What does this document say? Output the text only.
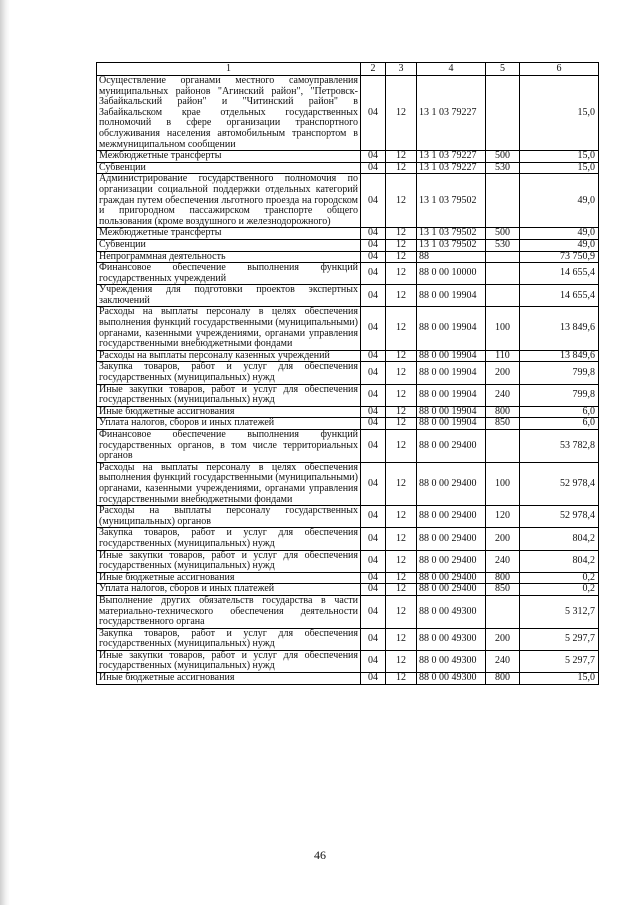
1	2	3	4	5	6
Осуществление органами местного самоуправления муниципальных районов "Агинский район", "Петровск-Забайкальский район" и "Читинский район" в Забайкальском крае отдельных государственных полномочий в сфере организации транспортного обслуживания населения автомобильным транспортом в межмуниципальном сообщении	04	12	13 1 03 79227		15,0
Межбюджетные трансферты	04	12	13 1 03 79227	500	15,0
Субвенции	04	12	13 1 03 79227	530	15,0
Администрирование государственного полномочия по организации социальной поддержки отдельных категорий граждан путем обеспечения льготного проезда на городском и пригородном пассажирском транспорте общего пользования (кроме воздушного и железнодорожного)	04	12	13 1 03 79502		49,0
Межбюджетные трансферты	04	12	13 1 03 79502	500	49,0
Субвенции	04	12	13 1 03 79502	530	49,0
Непрограммная деятельность	04	12	88		73 750,9
Финансовое обеспечение выполнения функций государственных учреждений	04	12	88 0 00 10000		14 655,4
Учреждения для подготовки проектов экспертных заключений	04	12	88 0 00 19904		14 655,4
Расходы на выплаты персоналу в целях обеспечения выполнения функций государственными (муниципальными) органами, казенными учреждениями, органами управления государственными внебюджетными фондами	04	12	88 0 00 19904	100	13 849,6
Расходы на выплаты персоналу казенных учреждений	04	12	88 0 00 19904	110	13 849,6
Закупка товаров, работ и услуг для обеспечения государственных (муниципальных) нужд	04	12	88 0 00 19904	200	799,8
Иные закупки товаров, работ и услуг для обеспечения государственных (муниципальных) нужд	04	12	88 0 00 19904	240	799,8
Иные бюджетные ассигнования	04	12	88 0 00 19904	800	6,0
Уплата налогов, сборов и иных платежей	04	12	88 0 00 19904	850	6,0
Финансовое обеспечение выполнения функций государственных органов, в том числе территориальных органов	04	12	88 0 00 29400		53 782,8
Расходы на выплаты персоналу в целях обеспечения выполнения функций государственными (муниципальными) органами, казенными учреждениями, органами управления государственными внебюджетными фондами	04	12	88 0 00 29400	100	52 978,4
Расходы на выплаты персоналу государственных (муниципальных) органов	04	12	88 0 00 29400	120	52 978,4
Закупка товаров, работ и услуг для обеспечения государственных (муниципальных) нужд	04	12	88 0 00 29400	200	804,2
Иные закупки товаров, работ и услуг для обеспечения государственных (муниципальных) нужд	04	12	88 0 00 29400	240	804,2
Иные бюджетные ассигнования	04	12	88 0 00 29400	800	0,2
Уплата налогов, сборов и иных платежей	04	12	88 0 00 29400	850	0,2
Выполнение других обязательств государства в части материально-технического обеспечения деятельности государственного органа	04	12	88 0 00 49300		5 312,7
Закупка товаров, работ и услуг для обеспечения государственных (муниципальных) нужд	04	12	88 0 00 49300	200	5 297,7
Иные закупки товаров, работ и услуг для обеспечения государственных (муниципальных) нужд	04	12	88 0 00 49300	240	5 297,7
Иные бюджетные ассигнования	04	12	88 0 00 49300	800	15,0
46
